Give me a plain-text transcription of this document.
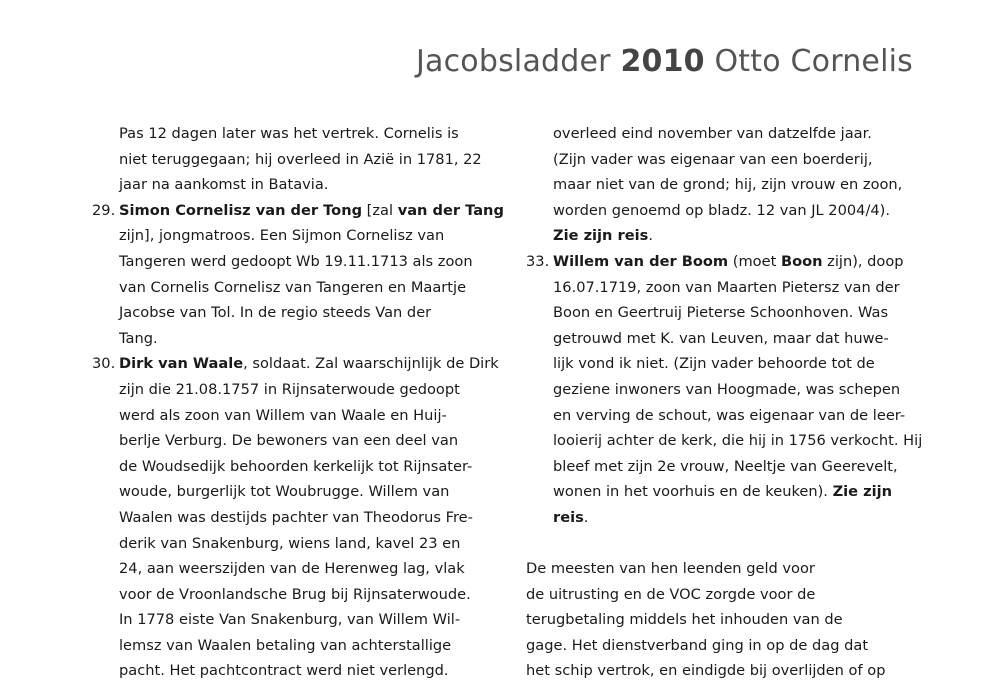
Jacobsladder 2010 Otto Cornelis
Pas 12 dagen later was het vertrek. Cornelis is
niet teruggegaan; hij overleed in Azië in 1781, 22
jaar na aankomst in Batavia.
29. Simon Cornelisz van der Tong [zal van der Tang
zijn], jongmatroos. Een Sijmon Cornelisz van
Tangeren werd gedoopt Wb 19.11.1713 als zoon
van Cornelis Cornelisz van Tangeren en Maartje
Jacobse van Tol. In de regio steeds Van der
Tang.
30. Dirk van Waale, soldaat. Zal waarschijnlijk de Dirk
zijn die 21.08.1757 in Rijnsaterwoude gedoopt
werd als zoon van Willem van Waale en Huij-
berlje Verburg. De bewoners van een deel van
de Woudsedijk behoorden kerkelijk tot Rijnsater-
woude, burgerlijk tot Woubrugge. Willem van
Waalen was destijds pachter van Theodorus Fre-
derik van Snakenburg, wiens land, kavel 23 en
24, aan weerszijden van de Herenweg lag, vlak
voor de Vroonlandsche Brug bij Rijnsaterwoude.
In 1778 eiste Van Snakenburg, van Willem Wil-
lemsz van Waalen betaling van achterstallige
pacht. Het pachtcontract werd niet verlengd.
overleed eind november van datzelfde jaar.
(Zijn vader was eigenaar van een boerderij,
maar niet van de grond; hij, zijn vrouw en zoon,
worden genoemd op bladz. 12 van JL 2004/4).
Zie zijn reis.
33. Willem van der Boom (moet Boon zijn), doop
16.07.1719, zoon van Maarten Pietersz van der
Boon en Geertruij Pieterse Schoonhoven. Was
getrouwd met K. van Leuven, maar dat huwe-
lijk vond ik niet. (Zijn vader behoorde tot de
geziene inwoners van Hoogmade, was schepen
en verving de schout, was eigenaar van de leer-
looierij achter de kerk, die hij in 1756 verkocht. Hij
bleef met zijn 2e vrouw, Neeltje van Geerevelt,
wonen in het voorhuis en de keuken). Zie zijn
reis.
De meesten van hen leenden geld voor
de uitrusting en de VOC zorgde voor de
terugbetaling middels het inhouden van de
gage. Het dienstverband ging in op de dag dat
het schip vertrok, en eindigde bij overlijden of op
